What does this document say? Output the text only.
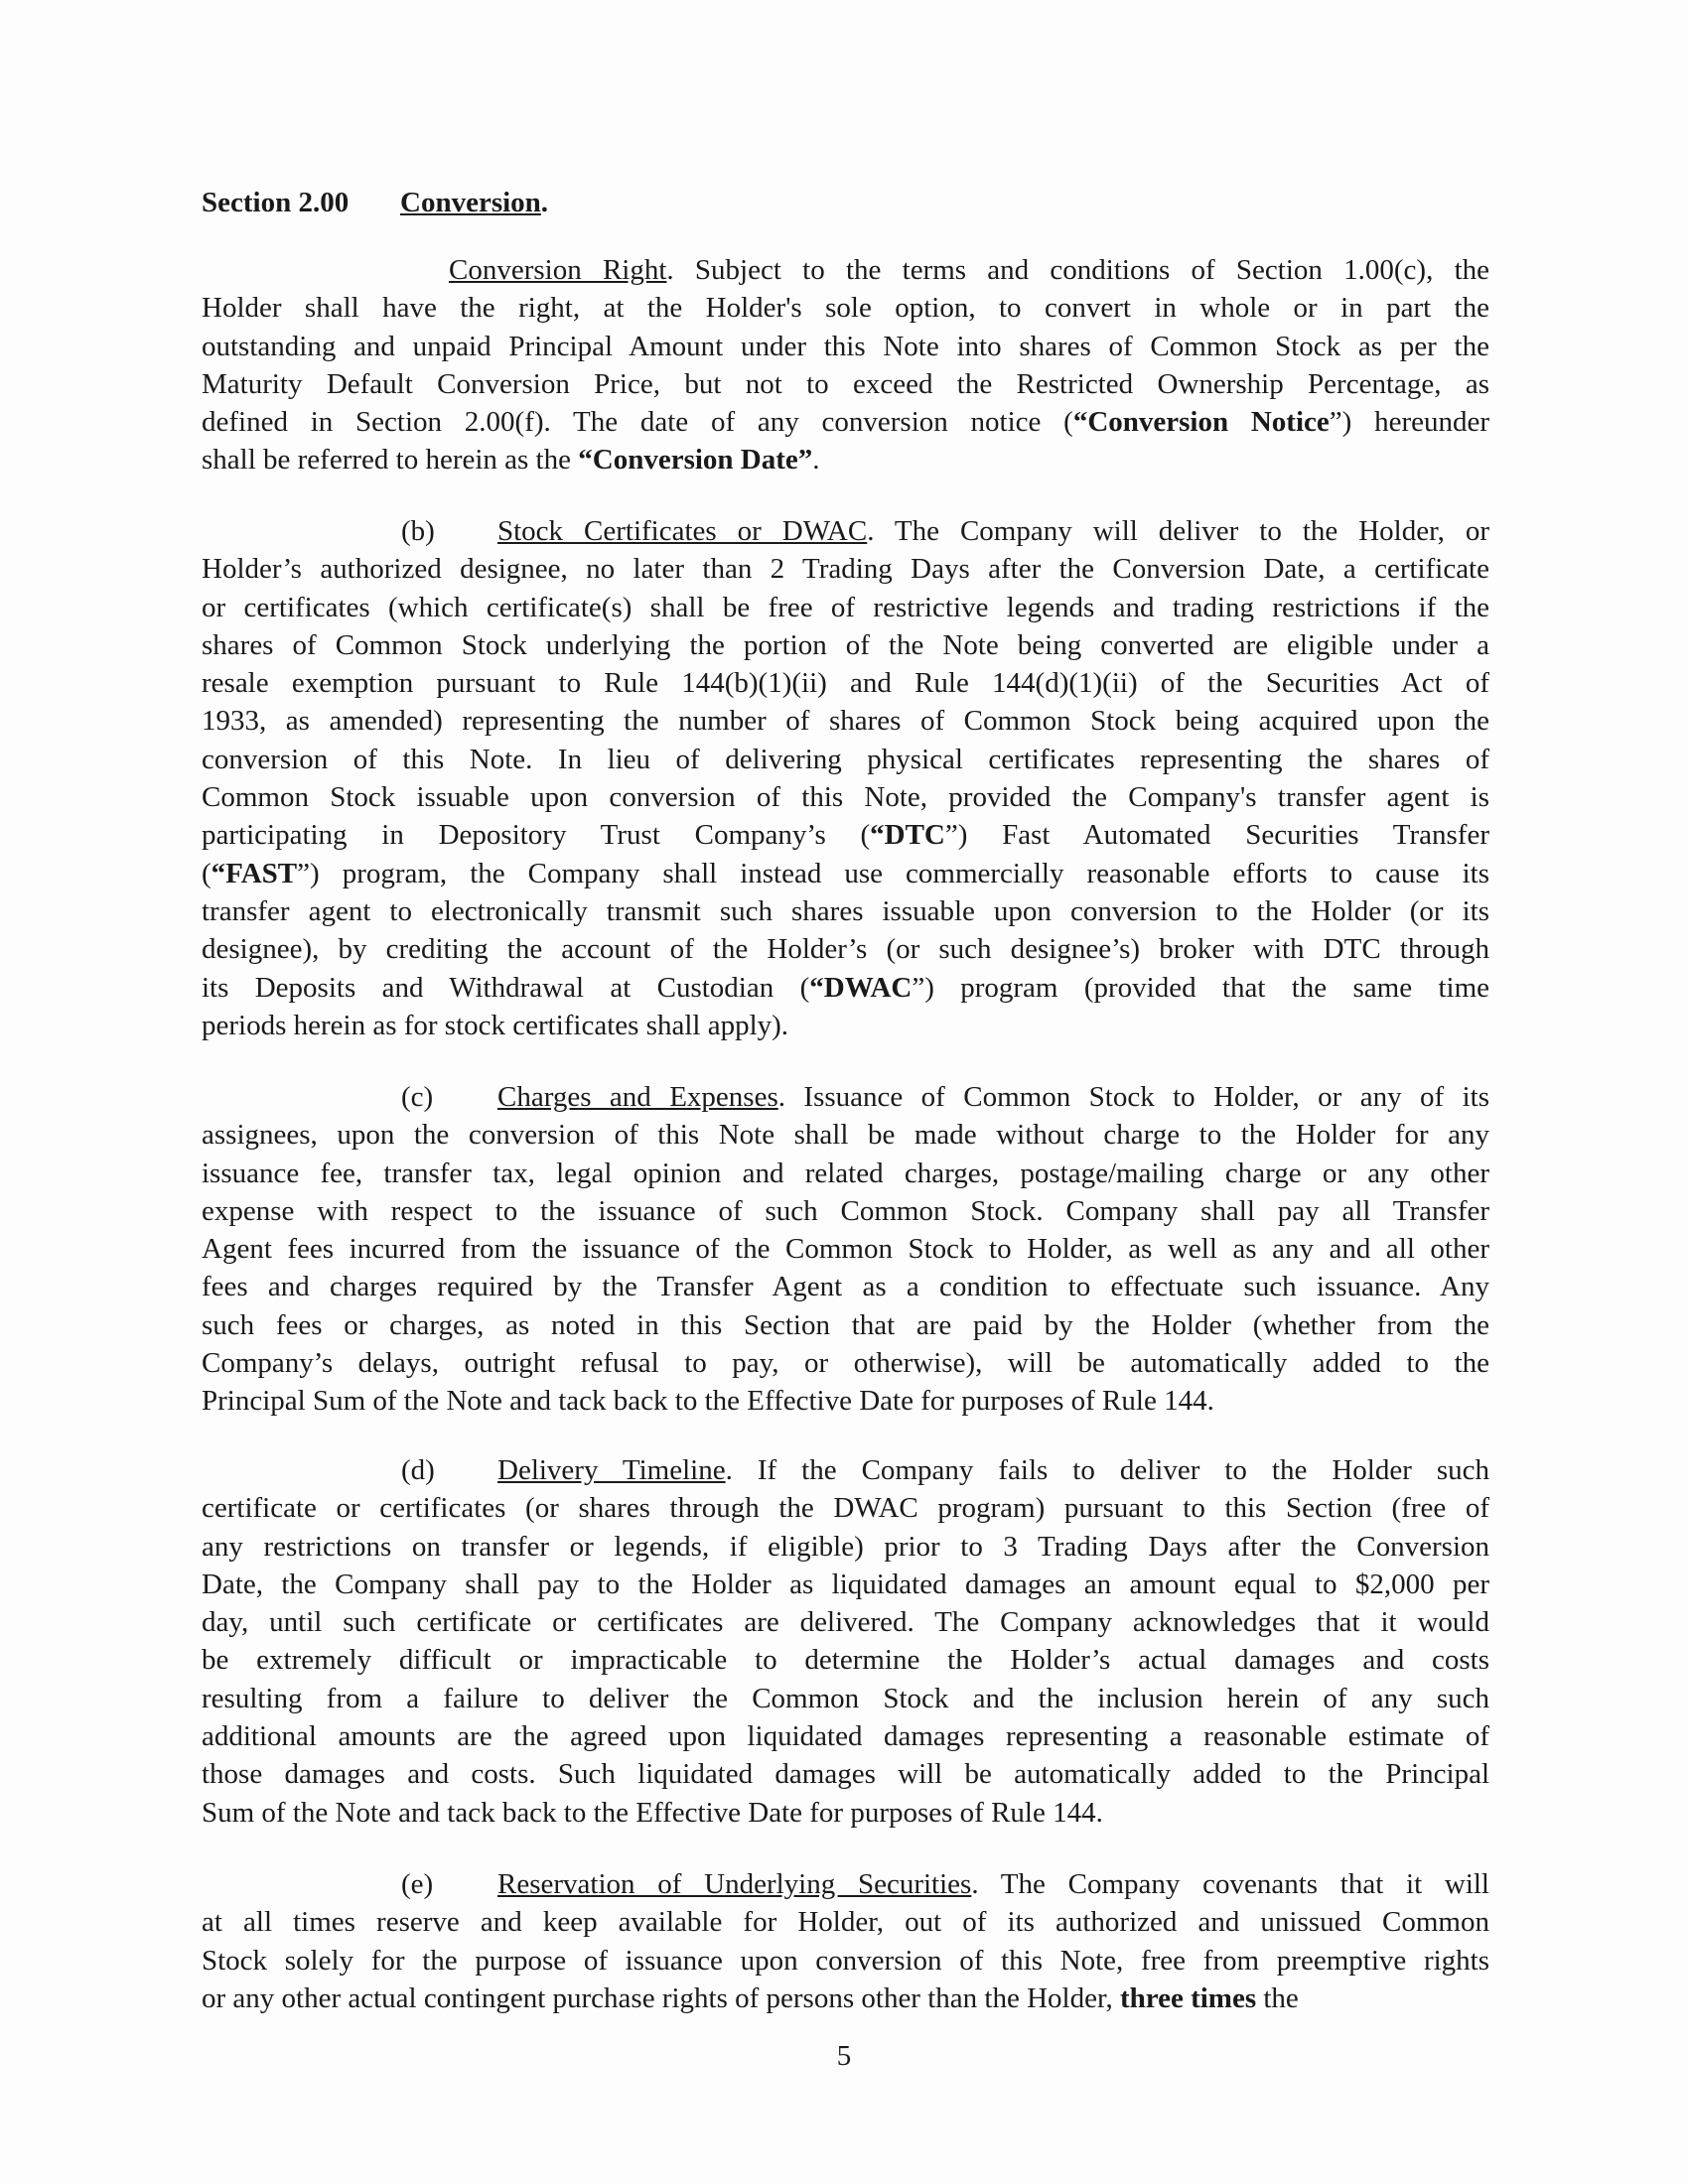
Section 2.00 Conversion.
Conversion Right. Subject to the terms and conditions of Section 1.00(c), the
Holder shall have the right, at the Holder's sole option, to convert in whole or in part the
outstanding and unpaid Principal Amount under this Note into shares of Common Stock as per the
Maturity Default Conversion Price, but not to exceed the Restricted Ownership Percentage, as
defined in Section 2.00(f). The date of any conversion notice (“Conversion Notice”) hereunder
shall be referred to herein as the “Conversion Date”.
(b) Stock Certificates or DWAC. The Company will deliver to the Holder, or
Holder’s authorized designee, no later than 2 Trading Days after the Conversion Date, a certificate
or certificates (which certificate(s) shall be free of restrictive legends and trading restrictions if the
shares of Common Stock underlying the portion of the Note being converted are eligible under a
resale exemption pursuant to Rule 144(b)(1)(ii) and Rule 144(d)(1)(ii) of the Securities Act of
1933, as amended) representing the number of shares of Common Stock being acquired upon the
conversion of this Note. In lieu of delivering physical certificates representing the shares of
Common Stock issuable upon conversion of this Note, provided the Company's transfer agent is
participating in Depository Trust Company’s (“DTC”) Fast Automated Securities Transfer
(“FAST”) program, the Company shall instead use commercially reasonable efforts to cause its
transfer agent to electronically transmit such shares issuable upon conversion to the Holder (or its
designee), by crediting the account of the Holder’s (or such designee’s) broker with DTC through
its Deposits and Withdrawal at Custodian (“DWAC”) program (provided that the same time
periods herein as for stock certificates shall apply).
(c) Charges and Expenses. Issuance of Common Stock to Holder, or any of its
assignees, upon the conversion of this Note shall be made without charge to the Holder for any
issuance fee, transfer tax, legal opinion and related charges, postage/mailing charge or any other
expense with respect to the issuance of such Common Stock. Company shall pay all Transfer
Agent fees incurred from the issuance of the Common Stock to Holder, as well as any and all other
fees and charges required by the Transfer Agent as a condition to effectuate such issuance. Any
such fees or charges, as noted in this Section that are paid by the Holder (whether from the
Company’s delays, outright refusal to pay, or otherwise), will be automatically added to the
Principal Sum of the Note and tack back to the Effective Date for purposes of Rule 144.
(d) Delivery Timeline. If the Company fails to deliver to the Holder such
certificate or certificates (or shares through the DWAC program) pursuant to this Section (free of
any restrictions on transfer or legends, if eligible) prior to 3 Trading Days after the Conversion
Date, the Company shall pay to the Holder as liquidated damages an amount equal to $2,000 per
day, until such certificate or certificates are delivered. The Company acknowledges that it would
be extremely difficult or impracticable to determine the Holder’s actual damages and costs
resulting from a failure to deliver the Common Stock and the inclusion herein of any such
additional amounts are the agreed upon liquidated damages representing a reasonable estimate of
those damages and costs. Such liquidated damages will be automatically added to the Principal
Sum of the Note and tack back to the Effective Date for purposes of Rule 144.
(e) Reservation of Underlying Securities. The Company covenants that it will
at all times reserve and keep available for Holder, out of its authorized and unissued Common
Stock solely for the purpose of issuance upon conversion of this Note, free from preemptive rights
or any other actual contingent purchase rights of persons other than the Holder, three times the
5
